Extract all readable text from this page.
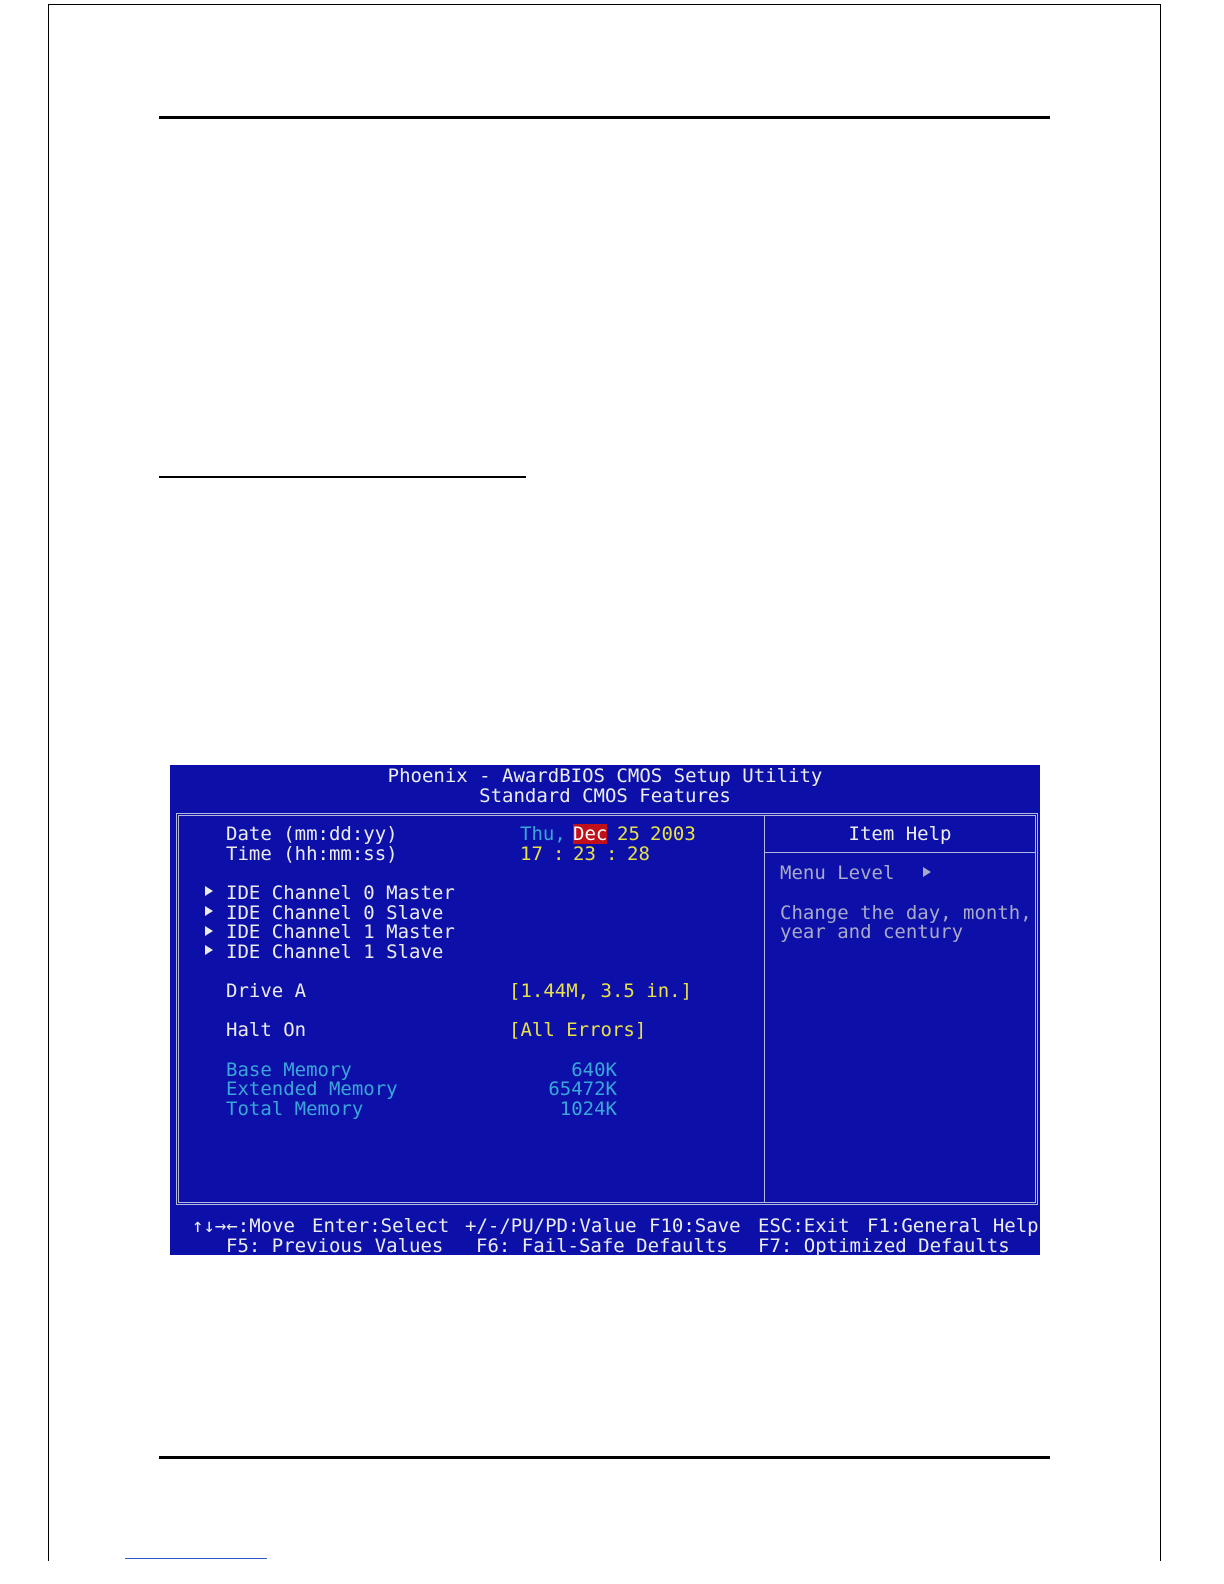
Phoenix - AwardBIOS CMOS Setup Utility
Standard CMOS Features
Date (mm:dd:yy)	Thu, Dec 25 2003
Time (hh:mm:ss)	17 : 23 : 28
IDE Channel 0 Master
IDE Channel 0 Slave
IDE Channel 1 Master
IDE Channel 1 Slave
Drive A	[1.44M, 3.5 in.]
Halt On	[All Errors]
Base Memory	640K
Extended Memory	65472K
Total Memory	1024K
Item Help
Menu Level
Change the day, month,
year and century
↑↓→←:Move Enter:Select +/-/PU/PD:Value F10:Save ESC:Exit F1:General Help
F5: Previous Values F6: Fail-Safe Defaults F7: Optimized Defaults
